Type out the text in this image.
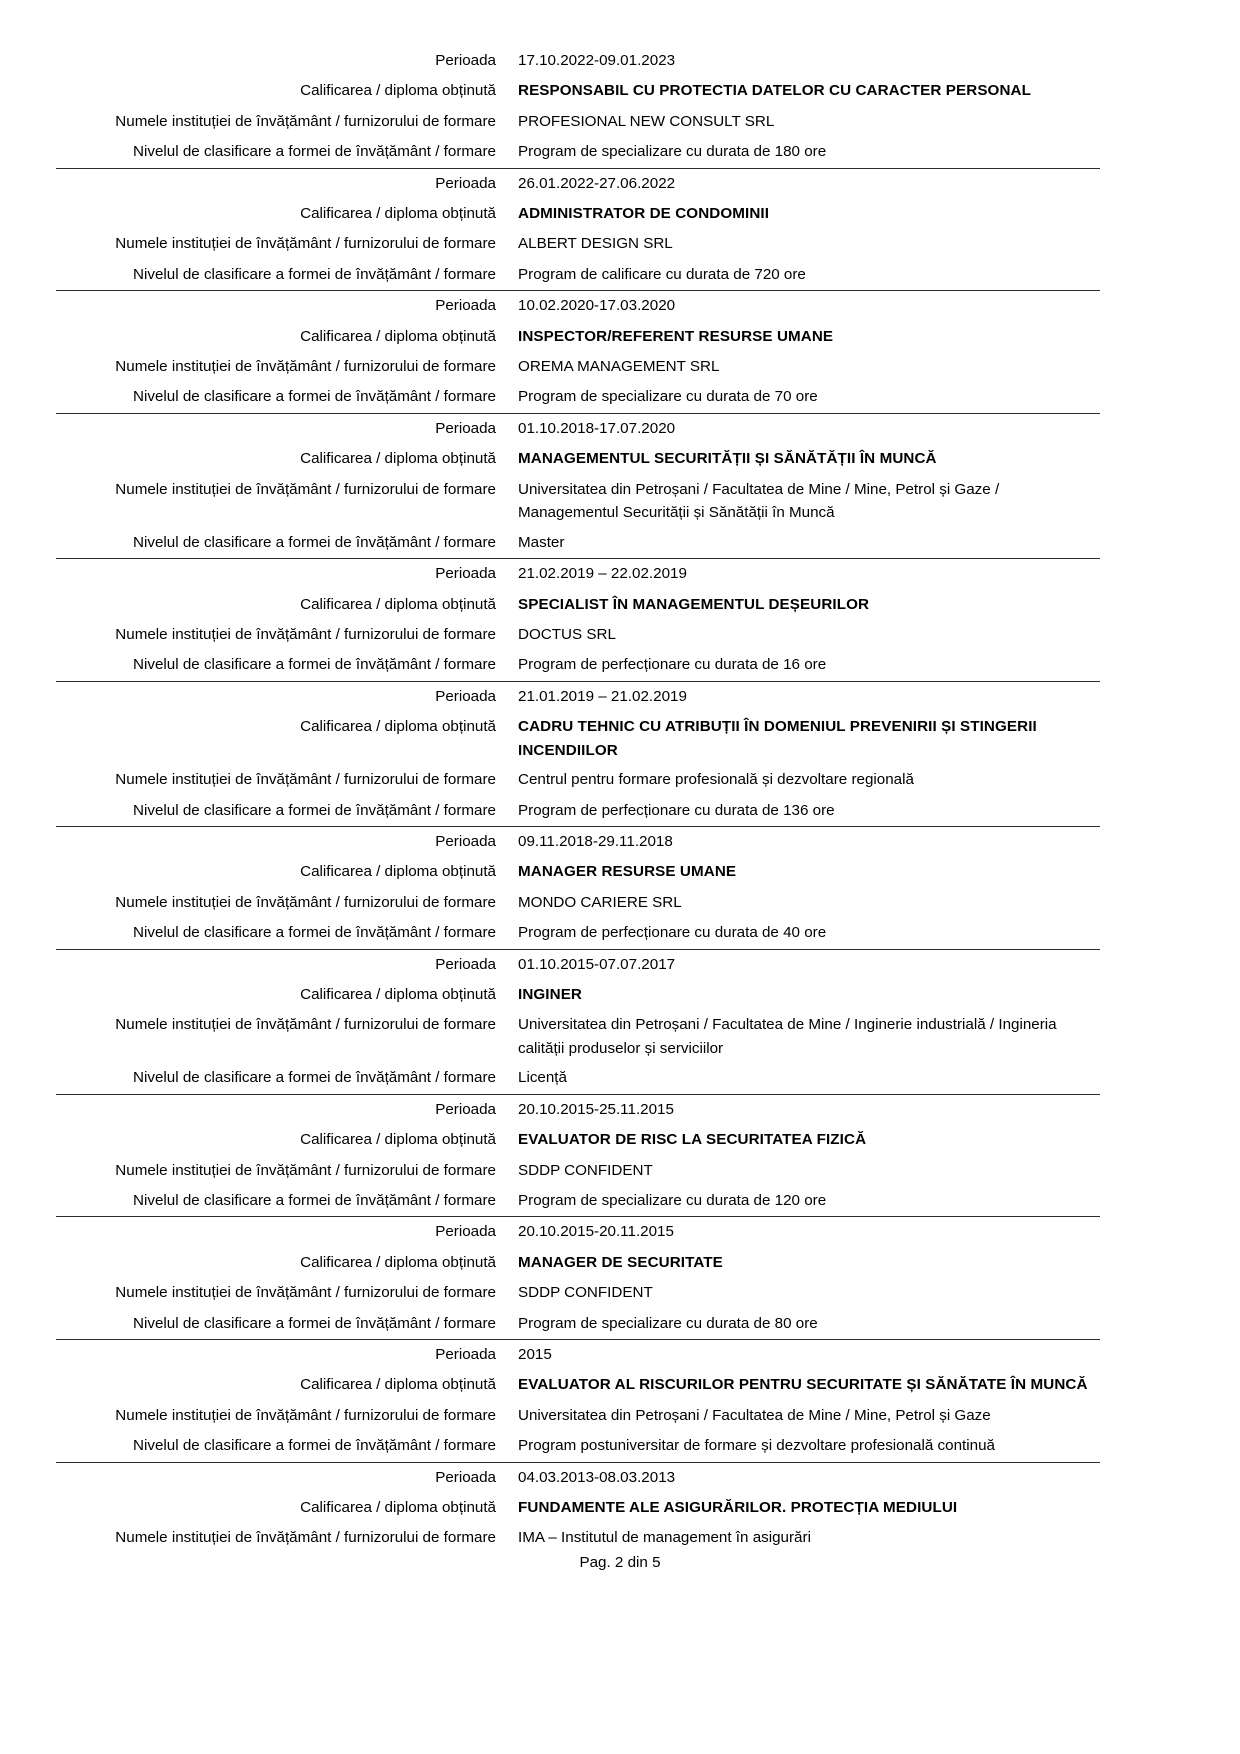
Perioada		17.10.2022-09.01.2023
Calificarea / diploma obținută		RESPONSABIL CU PROTECTIA DATELOR CU CARACTER PERSONAL
Numele instituției de învățământ / furnizorului de formare		PROFESIONAL NEW CONSULT SRL
Nivelul de clasificare a formei de învățământ / formare		Program de specializare cu durata de 180 ore
Perioada		26.01.2022-27.06.2022
Calificarea / diploma obținută		ADMINISTRATOR DE CONDOMINII
Numele instituției de învățământ / furnizorului de formare		ALBERT DESIGN SRL
Nivelul de clasificare a formei de învățământ / formare		Program de calificare cu durata de 720 ore
Perioada		10.02.2020-17.03.2020
Calificarea / diploma obținută		INSPECTOR/REFERENT RESURSE UMANE
Numele instituției de învățământ / furnizorului de formare		OREMA MANAGEMENT SRL
Nivelul de clasificare a formei de învățământ / formare		Program de specializare cu durata de 70 ore
Perioada		01.10.2018-17.07.2020
Calificarea / diploma obținută		MANAGEMENTUL SECURITĂȚII ȘI SĂNĂTĂȚII ÎN MUNCĂ
Numele instituției de învățământ / furnizorului de formare		Universitatea din Petroșani / Facultatea de Mine / Mine, Petrol și Gaze / Managementul Securității și Sănătății în Muncă
Nivelul de clasificare a formei de învățământ / formare		Master
Perioada		21.02.2019 – 22.02.2019
Calificarea / diploma obținută		SPECIALIST ÎN MANAGEMENTUL DEȘEURILOR
Numele instituției de învățământ / furnizorului de formare		DOCTUS SRL
Nivelul de clasificare a formei de învățământ / formare		Program de perfecționare cu durata de 16 ore
Perioada		21.01.2019 – 21.02.2019
Calificarea / diploma obținută		CADRU TEHNIC CU ATRIBUȚII ÎN DOMENIUL PREVENIRII ȘI STINGERII INCENDIILOR
Numele instituției de învățământ / furnizorului de formare		Centrul pentru formare profesională și dezvoltare regională
Nivelul de clasificare a formei de învățământ / formare		Program de perfecționare cu durata de 136 ore
Perioada		09.11.2018-29.11.2018
Calificarea / diploma obținută		MANAGER RESURSE UMANE
Numele instituției de învățământ / furnizorului de formare		MONDO CARIERE SRL
Nivelul de clasificare a formei de învățământ / formare		Program de perfecționare cu durata de 40 ore
Perioada		01.10.2015-07.07.2017
Calificarea / diploma obținută		INGINER
Numele instituției de învățământ / furnizorului de formare		Universitatea din Petroșani / Facultatea de Mine / Inginerie industrială / Ingineria calității produselor și serviciilor
Nivelul de clasificare a formei de învățământ / formare		Licență
Perioada		20.10.2015-25.11.2015
Calificarea / diploma obținută		EVALUATOR DE RISC LA SECURITATEA FIZICĂ
Numele instituției de învățământ / furnizorului de formare		SDDP CONFIDENT
Nivelul de clasificare a formei de învățământ / formare		Program de specializare cu durata de 120 ore
Perioada		20.10.2015-20.11.2015
Calificarea / diploma obținută		MANAGER DE SECURITATE
Numele instituției de învățământ / furnizorului de formare		SDDP CONFIDENT
Nivelul de clasificare a formei de învățământ / formare		Program de specializare cu durata de 80 ore
Perioada		2015
Calificarea / diploma obținută		EVALUATOR AL RISCURILOR PENTRU SECURITATE ȘI SĂNĂTATE ÎN MUNCĂ
Numele instituției de învățământ / furnizorului de formare		Universitatea din Petroșani / Facultatea de Mine / Mine, Petrol și Gaze
Nivelul de clasificare a formei de învățământ / formare		Program postuniversitar de formare și dezvoltare profesională continuă
Perioada		04.03.2013-08.03.2013
Calificarea / diploma obținută		FUNDAMENTE ALE ASIGURĂRILOR. PROTECȚIA MEDIULUI
Numele instituției de învățământ / furnizorului de formare		IMA – Institutul de management în asigurări
Pag. 2 din 5
